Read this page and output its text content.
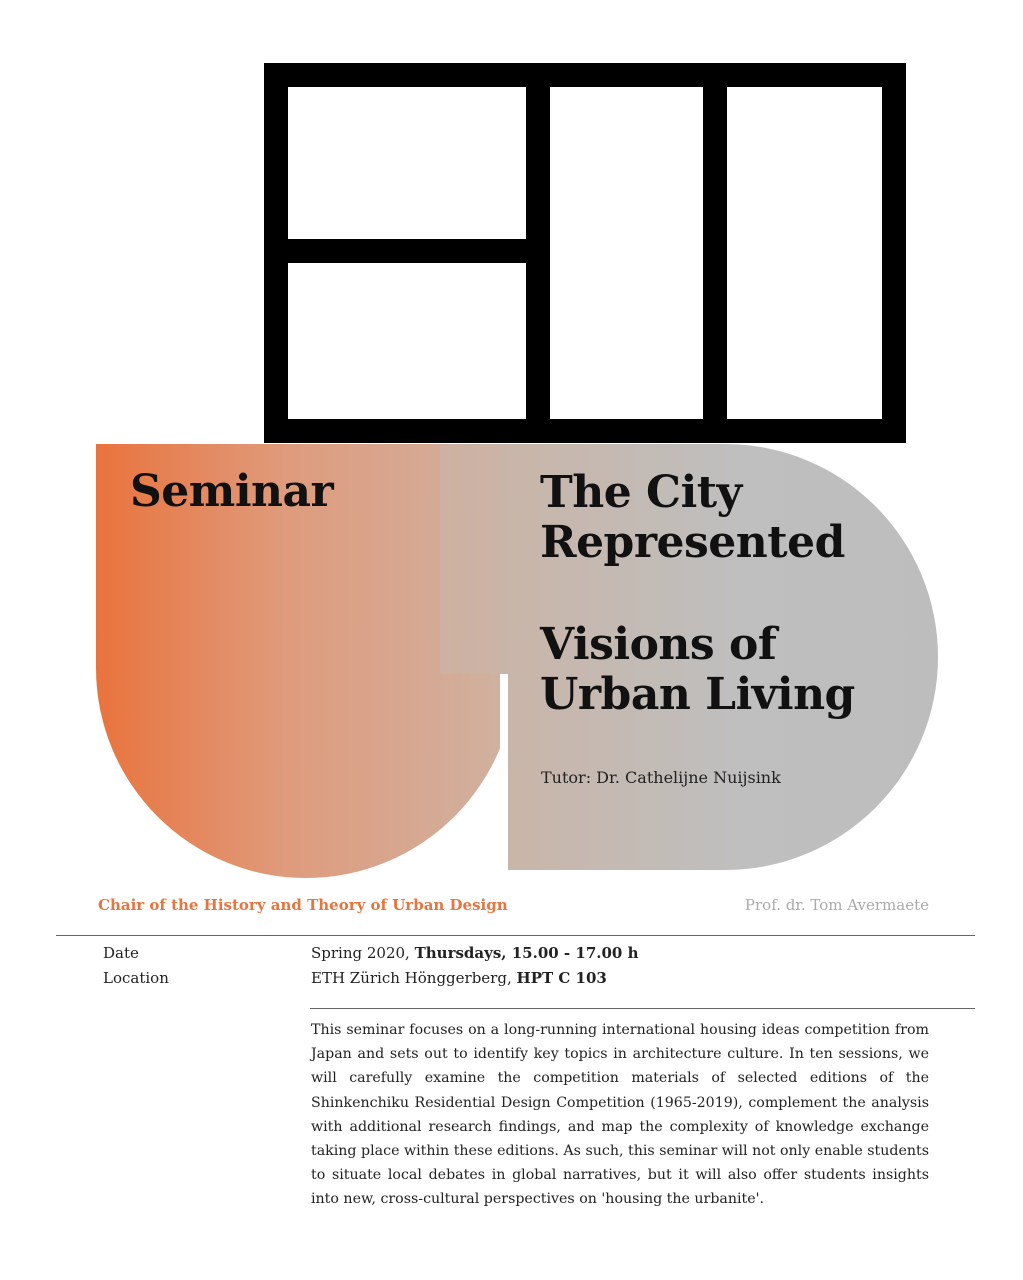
Seminar	The City
Represented
Visions of
Urban Living
Tutor: Dr. Cathelijne Nuijsink
Chair of the History and Theory of Urban Design	Prof. dr. Tom Avermaete
Date	Spring 2020, Thursdays, 15.00 - 17.00 h
Location	ETH Zürich Hönggerberg, HPT C 103
This seminar focuses on a long-running international housing ideas competition from Japan and sets out to identify key topics in architecture culture. In ten sessions, we will carefully examine the competition materials of selected editions of the Shinkenchiku Residential Design Competition (1965-2019), complement the analysis with additional research findings, and map the complexity of knowledge exchange taking place within these editions. As such, this seminar will not only enable students to situate local debates in global narratives, but it will also offer students insights into new, cross-cultural perspectives on 'housing the urbanite'.
